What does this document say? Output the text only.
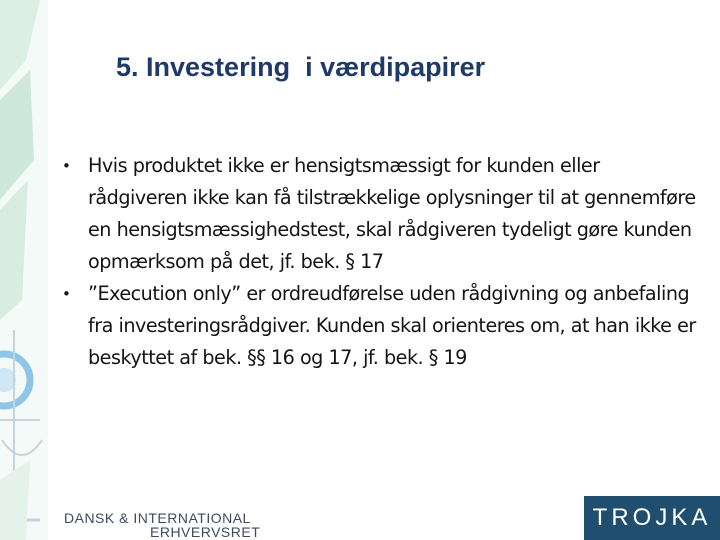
5. Investering  i værdipapirer
• Hvis produktet ikke er hensigtsmæssigt for kunden eller rådgiveren ikke kan få tilstrækkelige oplysninger til at gennemføre en hensigtsmæssighedstest, skal rådgiveren tydeligt gøre kunden opmærksom på det, jf. bek. § 17
• ”Execution only” er ordreudførelse uden rådgivning og anbefaling fra investeringsrådgiver. Kunden skal orienteres om, at han ikke er beskyttet af bek. §§ 16 og 17, jf. bek. § 19
DANSK & INTERNATIONAL
ERHVERVSRET
TROJKA
